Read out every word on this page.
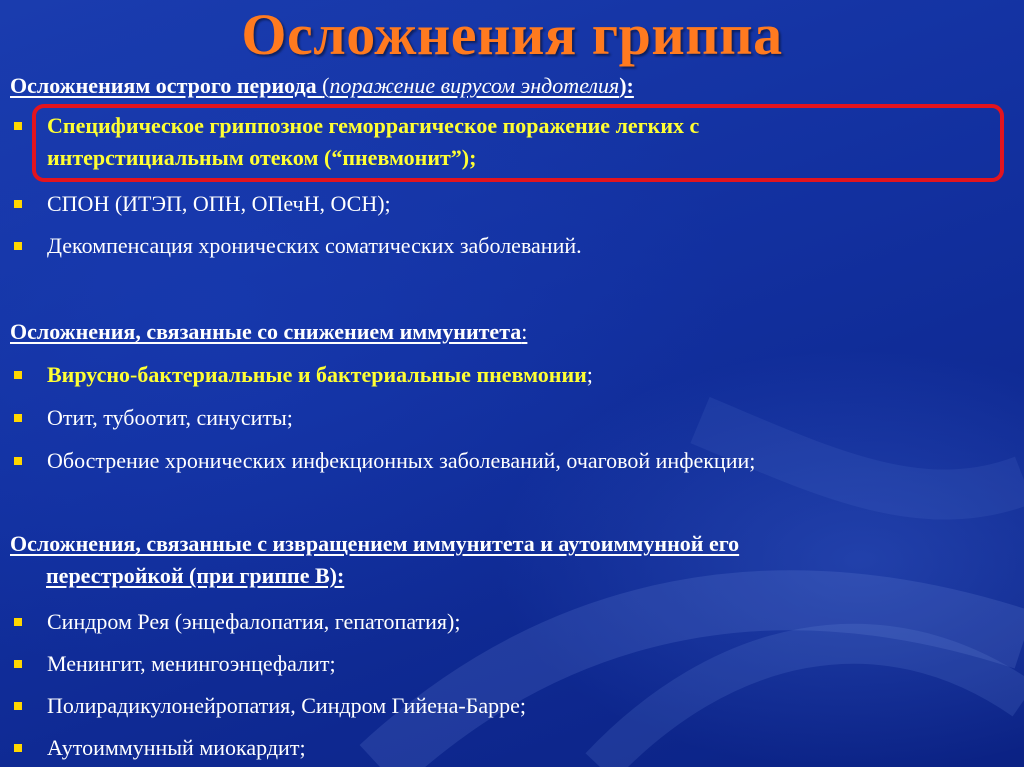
Осложнения гриппа
Осложнениям острого периода (поражение вирусом эндотелия):
Специфическое гриппозное геморрагическое поражение легких с
интерстициальным отеком (“пневмонит”);
СПОН (ИТЭП, ОПН, ОПечН, ОСН);
Декомпенсация хронических соматических заболеваний.
Осложнения, связанные со снижением иммунитета:
Вирусно-бактериальные и бактериальные пневмонии;
Отит, тубоотит, синуситы;
Обострение хронических инфекционных заболеваний, очаговой инфекции;
Осложнения, связанные с извращением иммунитета и аутоиммунной его
перестройкой (при гриппе В):
Синдром Рея (энцефалопатия, гепатопатия);
Менингит, менингоэнцефалит;
Полирадикулонейропатия, Синдром Гийена-Барре;
Аутоиммунный миокардит;
